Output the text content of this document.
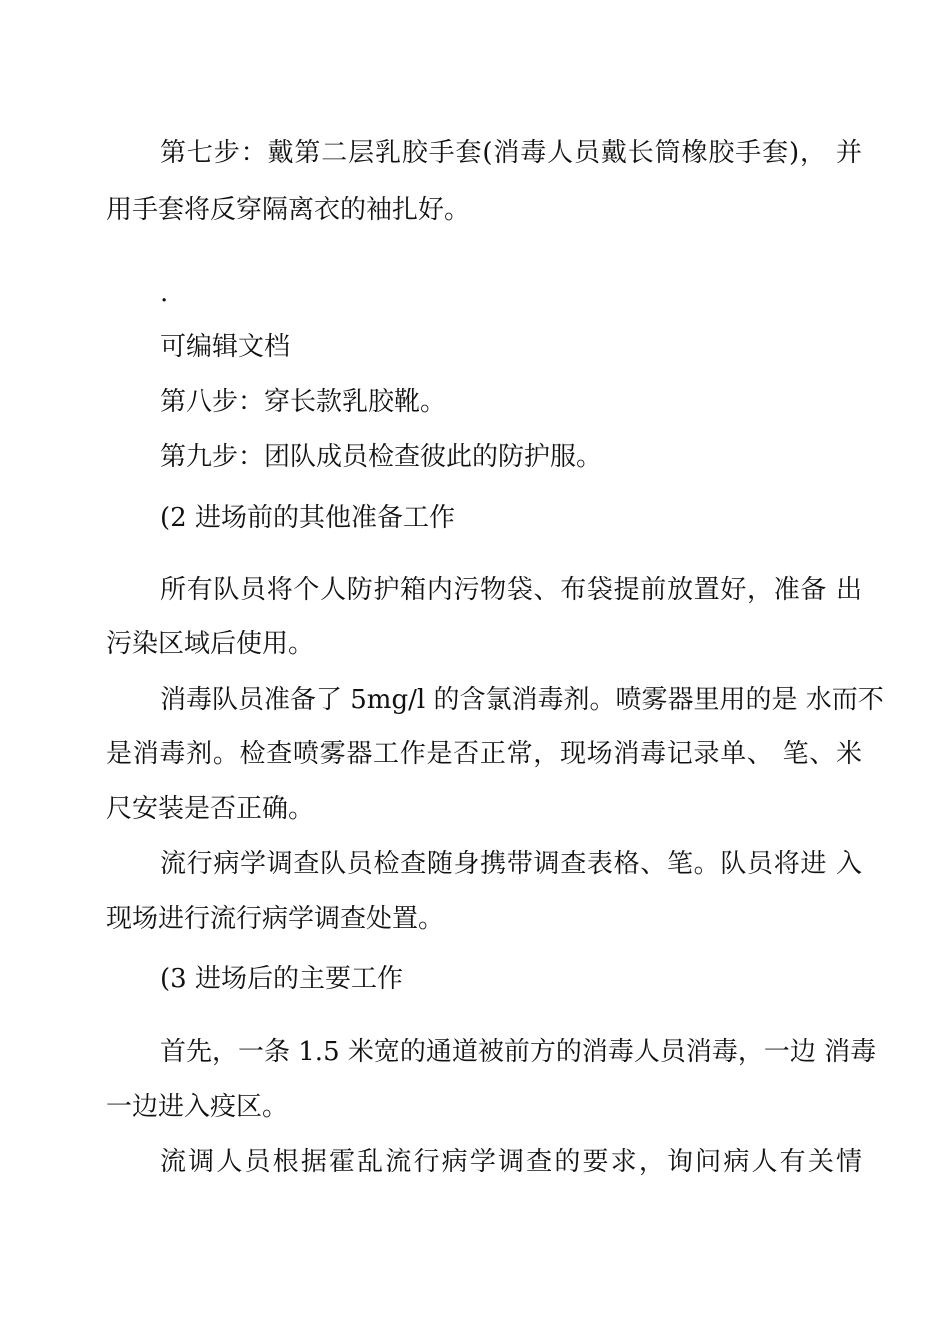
第七步：戴第二层乳胶手套(消毒人员戴长筒橡胶手套)， 并
用手套将反穿隔离衣的袖扎好。
.
可编辑文档
第八步：穿长款乳胶靴。
第九步：团队成员检查彼此的防护服。
(2 进场前的其他准备工作
所有队员将个人防护箱内污物袋、布袋提前放置好，准备 出
污染区域后使用。
消毒队员准备了 5mg/l 的含氯消毒剂。喷雾器里用的是 水而不
是消毒剂。检查喷雾器工作是否正常，现场消毒记录单、 笔、米
尺安装是否正确。
流行病学调查队员检查随身携带调查表格、笔。队员将进 入
现场进行流行病学调查处置。
(3 进场后的主要工作
首先，一条 1.5 米宽的通道被前方的消毒人员消毒，一边 消毒
一边进入疫区。
流调人员根据霍乱流行病学调查的要求，询问病人有关情
